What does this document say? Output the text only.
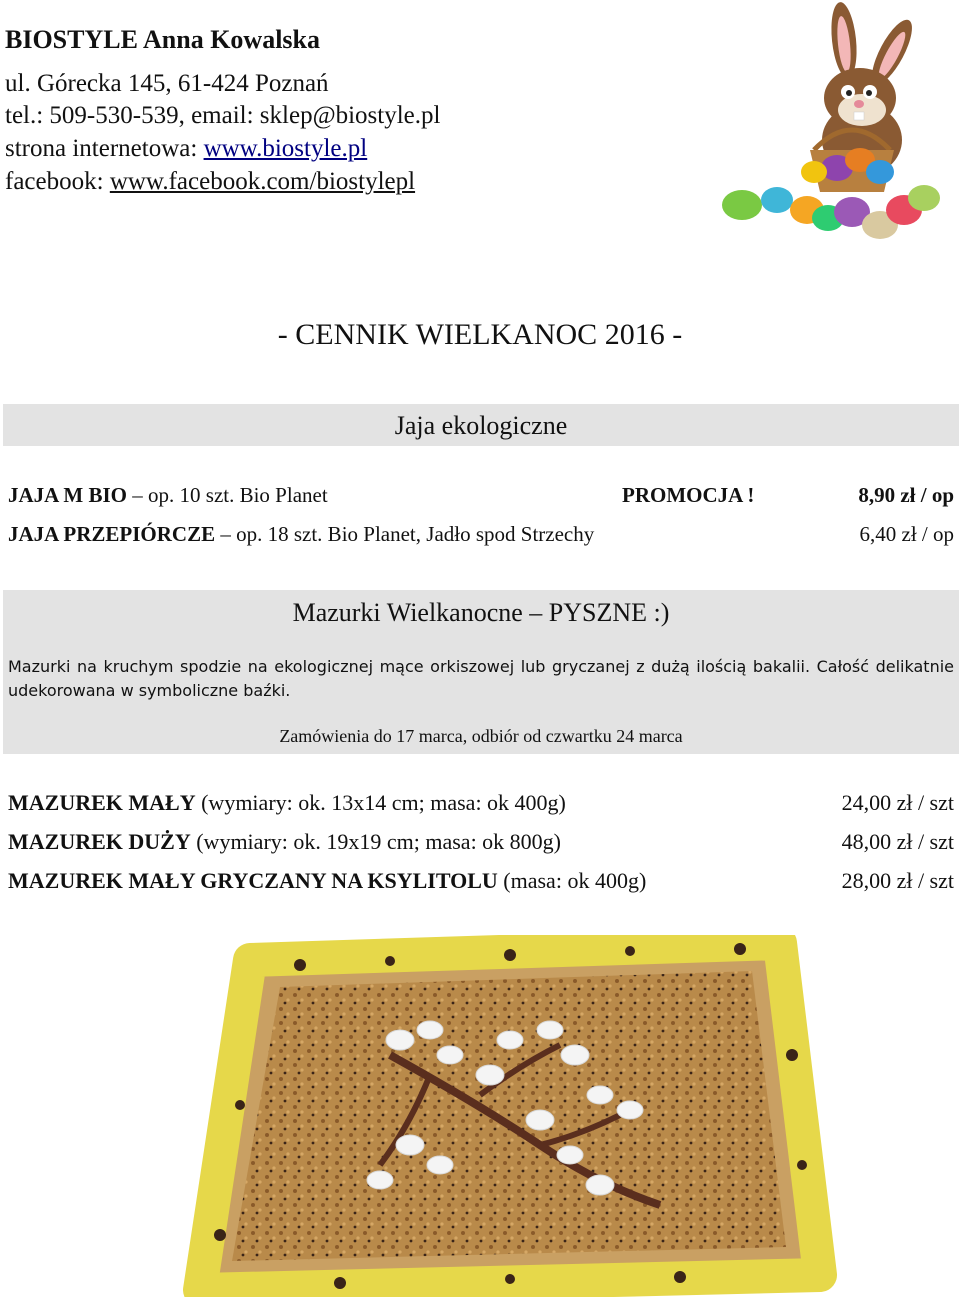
BIOSTYLE Anna Kowalska
ul. Górecka 145, 61-424 Poznań
tel.: 509-530-539, email: sklep@biostyle.pl
strona internetowa: www.biostyle.pl
facebook: www.facebook.com/biostylepl
- CENNIK WIELKANOC 2016 -
Jaja ekologiczne
JAJA M BIO – op. 10 szt. Bio Planet	PROMOCJA !	8,90 zł / op
JAJA PRZEPIÓRCZE – op. 18 szt. Bio Planet, Jadło spod Strzechy	6,40 zł / op
Mazurki Wielkanocne – PYSZNE :)
Mazurki na kruchym spodzie na ekologicznej mące orkiszowej lub gryczanej z dużą ilością bakalii. Całość delikatnie udekorowana w symboliczne baźki.
Zamówienia do 17 marca, odbiór od czwartku 24 marca
MAZUREK MAŁY (wymiary: ok. 13x14 cm; masa: ok 400g)	24,00 zł / szt
MAZUREK DUŻY (wymiary: ok. 19x19 cm; masa: ok 800g)	48,00 zł / szt
MAZUREK MAŁY GRYCZANY NA KSYLITOLU (masa: ok 400g)	28,00 zł / szt
